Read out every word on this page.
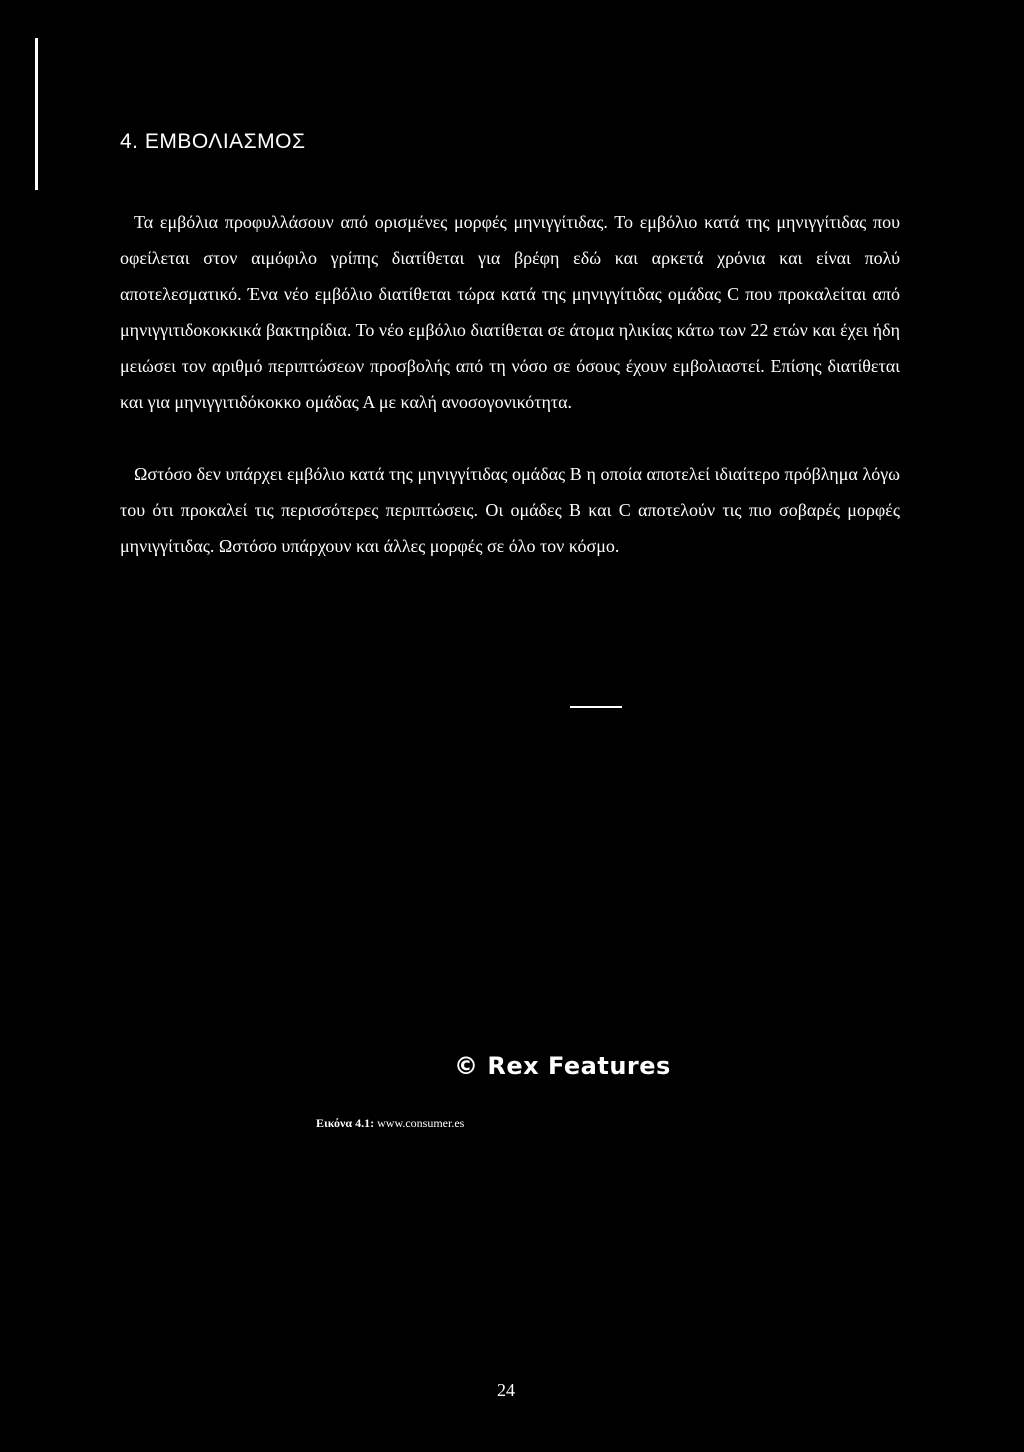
4. ΕΜΒΟΛΙΑΣΜΟΣ

Τα εμβόλια προφυλλάσουν από ορισμένες μορφές μηνιγγίτιδας. Το εμβόλιο κατά της μηνιγγίτιδας που οφείλεται στον αιμόφιλο γρίπης διατίθεται για βρέφη εδώ και αρκετά χρόνια και είναι πολύ αποτελεσματικό. Ένα νέο εμβόλιο διατίθεται τώρα κατά της μηνιγγίτιδας ομάδας C που προκαλείται από μηνιγγιτιδοκοκκικά βακτηρίδια. Το νέο εμβόλιο διατίθεται σε άτομα ηλικίας κάτω των 22 ετών και έχει ήδη μειώσει τον αριθμό περιπτώσεων προσβολής από τη νόσο σε όσους έχουν εμβολιαστεί. Επίσης διατίθεται και για μηνιγγιτιδόκοκκο ομάδας Α με καλή ανοσογονικότητα.

Ωστόσο δεν υπάρχει εμβόλιο κατά της μηνιγγίτιδας ομάδας Β η οποία αποτελεί ιδιαίτερο πρόβλημα λόγω του ότι προκαλεί τις περισσότερες περιπτώσεις. Οι ομάδες Β και C αποτελούν τις πιο σοβαρές μορφές μηνιγγίτιδας. Ωστόσο υπάρχουν και άλλες μορφές σε όλο τον κόσμο.

© Rex Features
Εικόνα 4.1: www.consumer.es
24
